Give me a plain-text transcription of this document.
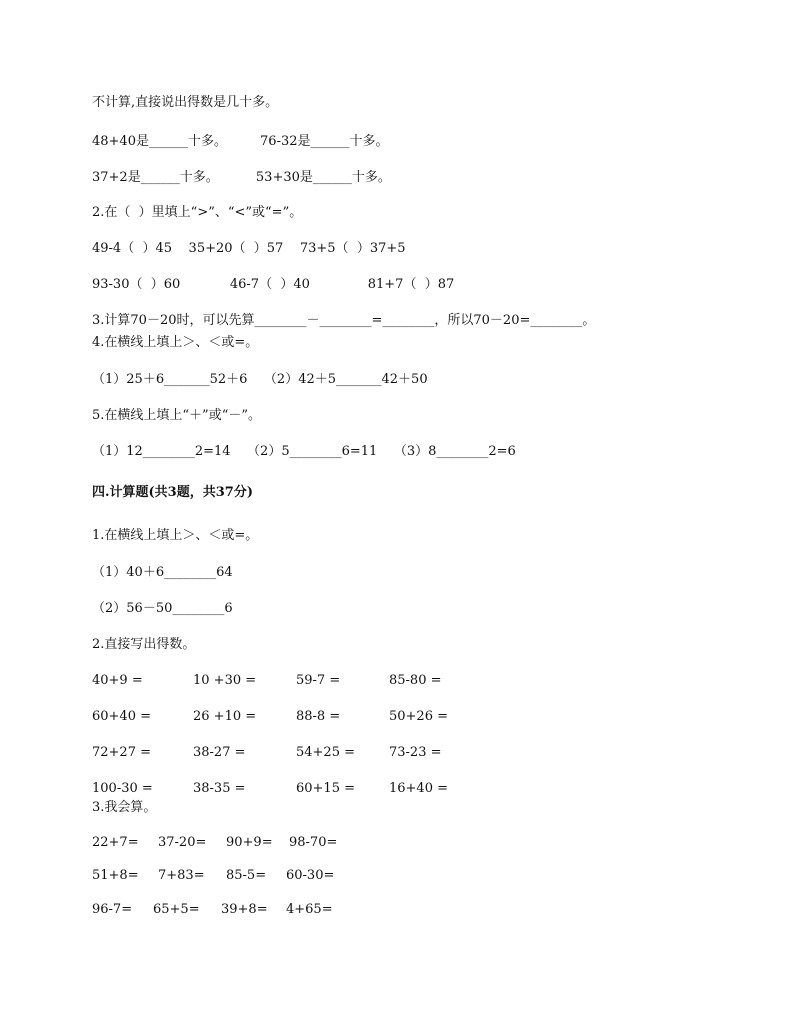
不计算,直接说出得数是几十多。
48+40是______十多。        76-32是______十多。
37+2是______十多。         53+30是______十多。
2.在（  ）里填上“>”、“<”或“=”。
49-4（  ）45    35+20（  ）57    73+5（  ）37+5
93-30（  ）60            46-7（  ）40              81+7（  ）87
3.计算70－20时，可以先算________－________=________，所以70－20=________。
4.在横线上填上＞、＜或=。
（1）25＋6_______52＋6    （2）42＋5_______42＋50
5.在横线上填上“＋”或“－”。
（1）12________2=14    （2）5________6=11    （3）8________2=6
四.计算题(共3题，共37分)
1.在横线上填上＞、＜或=。
（1）40＋6________64
（2）56－50________6
2.直接写出得数。
40+9 =	10 +30 =	59-7 =	85-80 =
60+40 =	26 +10 =	88-8 =	50+26 =
72+27 =	38-27 =	54+25 =	73-23 =
100-30 =	38-35 =	60+15 =	16+40 =
3.我会算。
22+7= 37-20= 90+9= 98-70=
51+8= 7+83= 85-5= 60-30=
96-7= 65+5= 39+8= 4+65=
